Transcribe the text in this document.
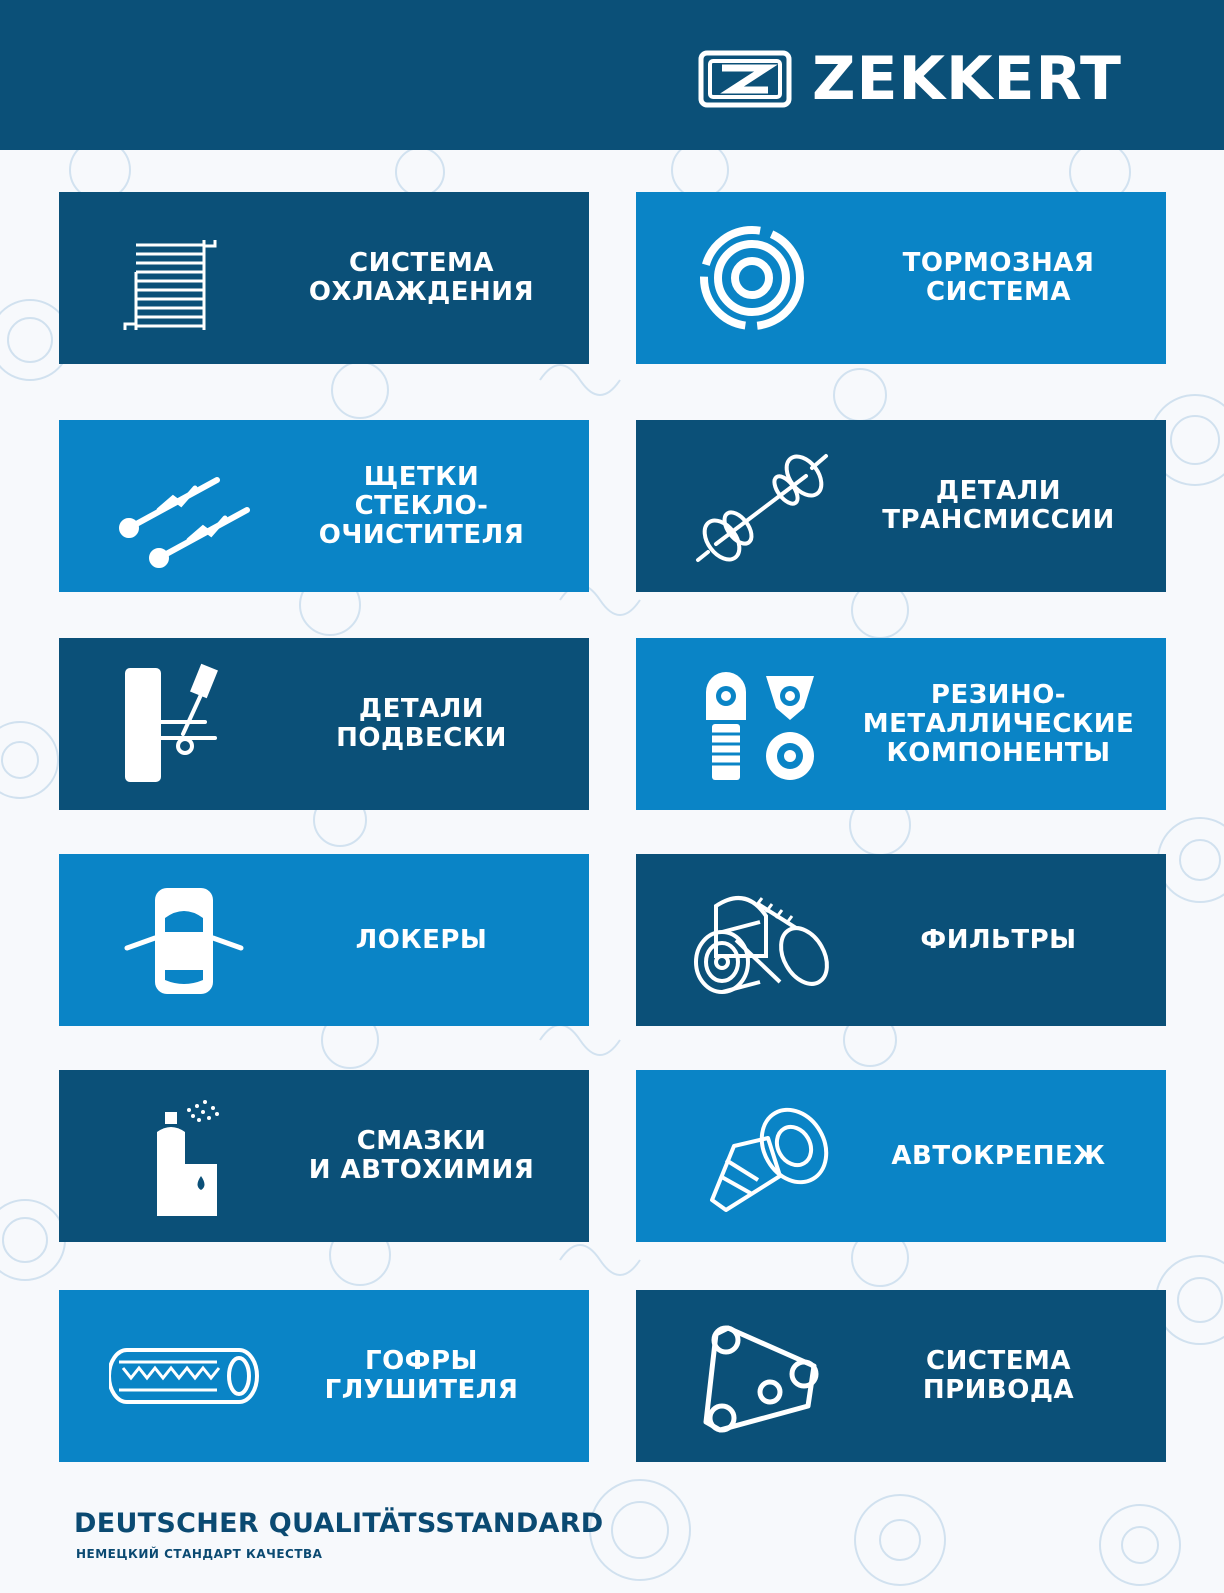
ZEKKERT
СИСТЕМА
ОХЛАЖДЕНИЯ
ТОРМОЗНАЯ
СИСТЕМА
ЩЕТКИ
СТЕКЛО-
ОЧИСТИТЕЛЯ
ДЕТАЛИ
ТРАНСМИССИИ
ДЕТАЛИ
ПОДВЕСКИ
РЕЗИНО-
МЕТАЛЛИЧЕСКИЕ
КОМПОНЕНТЫ
ЛОКЕРЫ	ФИЛЬТРЫ
СМАЗКИ
И АВТОХИМИЯ	АВТОКРЕПЕЖ
ГОФРЫ
ГЛУШИТЕЛЯ
СИСТЕМА
ПРИВОДА
DEUTSCHER QUALITÄTSSTANDARD
НЕМЕЦКИЙ СТАНДАРТ КАЧЕСТВА
